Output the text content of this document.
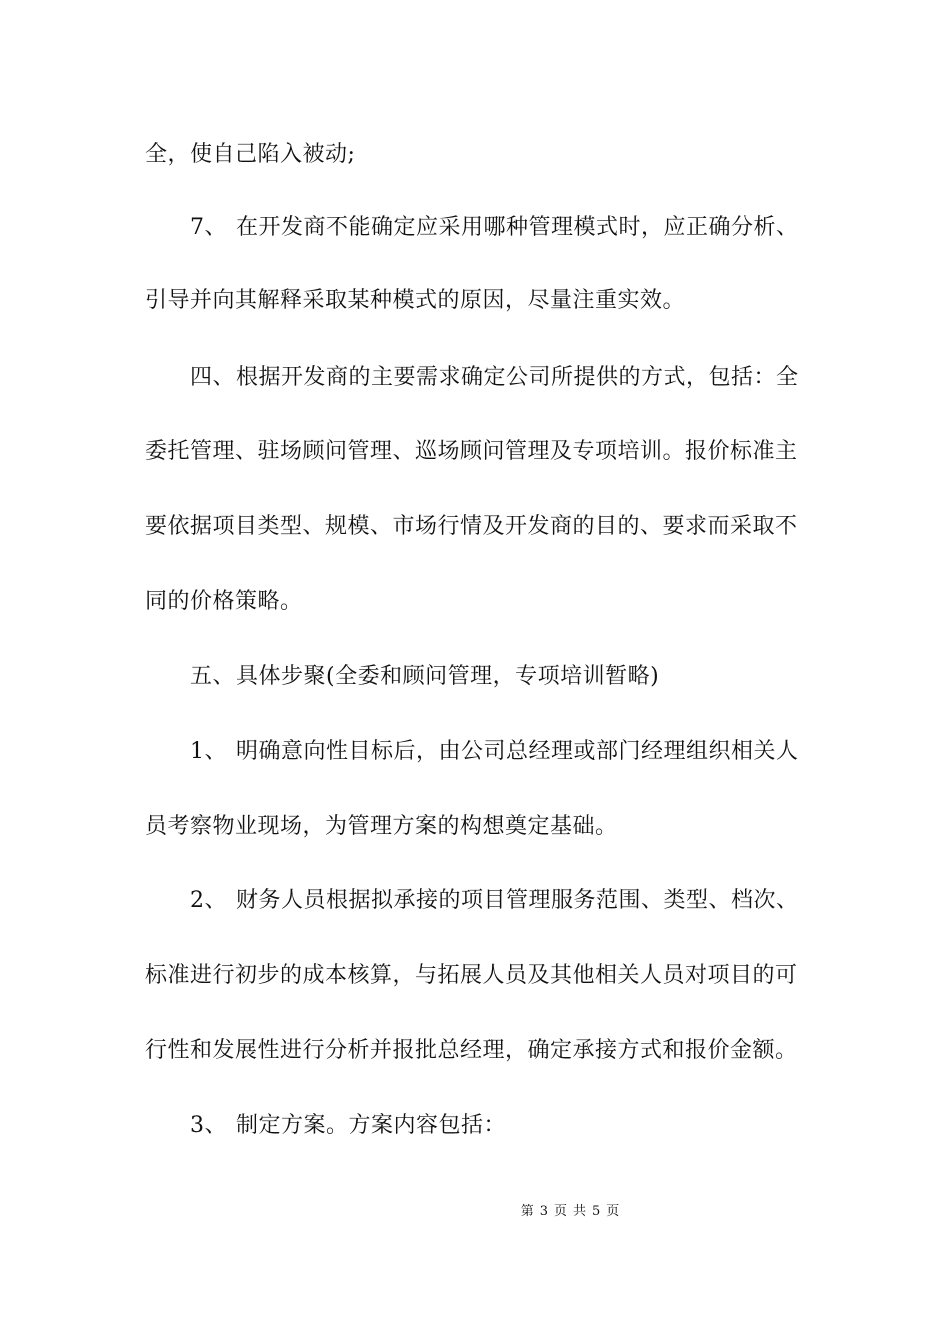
全，使自己陷入被动;
7、 在开发商不能确定应采用哪种管理模式时，应正确分析、
引导并向其解释采取某种模式的原因，尽量注重实效。
四、根据开发商的主要需求确定公司所提供的方式，包括：全
委托管理、驻场顾问管理、巡场顾问管理及专项培训。报价标准主
要依据项目类型、规模、市场行情及开发商的目的、要求而采取不
同的价格策略。
五、具体步聚(全委和顾问管理，专项培训暂略)
1、 明确意向性目标后，由公司总经理或部门经理组织相关人
员考察物业现场，为管理方案的构想奠定基础。
2、 财务人员根据拟承接的项目管理服务范围、类型、档次、
标准进行初步的成本核算，与拓展人员及其他相关人员对项目的可
行性和发展性进行分析并报批总经理，确定承接方式和报价金额。
3、 制定方案。方案内容包括：
第 3 页 共 5 页
